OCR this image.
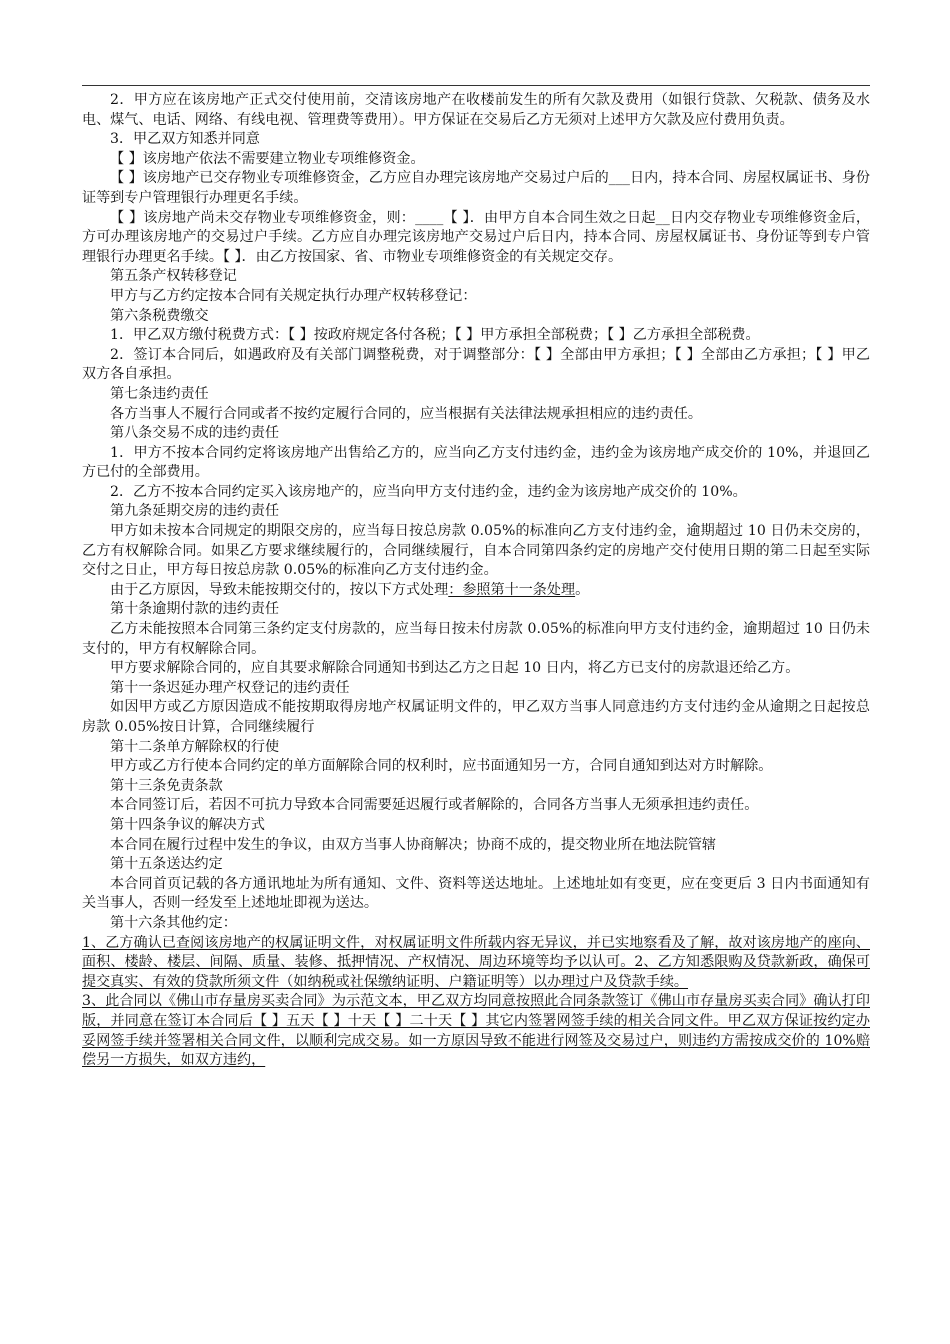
2．甲方应在该房地产正式交付使用前，交清该房地产在收楼前发生的所有欠款及费用（如银行贷款、欠税款、债务及水电、煤气、电话、网络、有线电视、管理费等费用）。甲方保证在交易后乙方无须对上述甲方欠款及应付费用负责。

3．甲乙双方知悉并同意

【 】该房地产依法不需要建立物业专项维修资金。

【 】该房地产已交存物业专项维修资金，乙方应自办理完该房地产交易过户后的___日内，持本合同、房屋权属证书、身份证等到专户管理银行办理更名手续。

【 】该房地产尚未交存物业专项维修资金，则：____【 】．由甲方自本合同生效之日起__日内交存物业专项维修资金后，方可办理该房地产的交易过户手续。乙方应自办理完该房地产交易过户后日内，持本合同、房屋权属证书、身份证等到专户管理银行办理更名手续。【 】．由乙方按国家、省、市物业专项维修资金的有关规定交存。

第五条产权转移登记

甲方与乙方约定按本合同有关规定执行办理产权转移登记：

第六条税费缴交

1．甲乙双方缴付税费方式：【 】按政府规定各付各税；【 】甲方承担全部税费；【 】乙方承担全部税费。

2．签订本合同后，如遇政府及有关部门调整税费，对于调整部分：【 】全部由甲方承担；【 】全部由乙方承担；【 】甲乙双方各自承担。

第七条违约责任

各方当事人不履行合同或者不按约定履行合同的，应当根据有关法律法规承担相应的违约责任。

第八条交易不成的违约责任

1．甲方不按本合同约定将该房地产出售给乙方的，应当向乙方支付违约金，违约金为该房地产成交价的 10%，并退回乙方已付的全部费用。

2．乙方不按本合同约定买入该房地产的，应当向甲方支付违约金，违约金为该房地产成交价的 10%。

第九条延期交房的违约责任

甲方如未按本合同规定的期限交房的，应当每日按总房款 0.05%的标准向乙方支付违约金，逾期超过 10 日仍未交房的，乙方有权解除合同。如果乙方要求继续履行的，合同继续履行，自本合同第四条约定的房地产交付使用日期的第二日起至实际交付之日止，甲方每日按总房款 0.05%的标准向乙方支付违约金。

由于乙方原因，导致未能按期交付的，按以下方式处理：参照第十一条处理。

第十条逾期付款的违约责任

乙方未能按照本合同第三条约定支付房款的，应当每日按未付房款 0.05%的标准向甲方支付违约金，逾期超过 10 日仍未支付的，甲方有权解除合同。

甲方要求解除合同的，应自其要求解除合同通知书到达乙方之日起 10 日内，将乙方已支付的房款退还给乙方。

第十一条迟延办理产权登记的违约责任

如因甲方或乙方原因造成不能按期取得房地产权属证明文件的，甲乙双方当事人同意违约方支付违约金从逾期之日起按总房款 0.05%按日计算，合同继续履行

第十二条单方解除权的行使

甲方或乙方行使本合同约定的单方面解除合同的权利时，应书面通知另一方，合同自通知到达对方时解除。

第十三条免责条款

本合同签订后，若因不可抗力导致本合同需要延迟履行或者解除的，合同各方当事人无须承担违约责任。

第十四条争议的解决方式

本合同在履行过程中发生的争议，由双方当事人协商解决；协商不成的，提交物业所在地法院管辖

第十五条送达约定

本合同首页记载的各方通讯地址为所有通知、文件、资料等送达地址。上述地址如有变更，应在变更后 3 日内书面通知有关当事人，否则一经发至上述地址即视为送达。

第十六条其他约定：

1、乙方确认已查阅该房地产的权属证明文件，对权属证明文件所载内容无异议，并已实地察看及了解，故对该房地产的座向、面积、楼龄、楼层、间隔、质量、装修、抵押情况、产权情况、周边环境等均予以认可。2、乙方知悉限购及贷款新政，确保可提交真实、有效的贷款所须文件（如纳税或社保缴纳证明、户籍证明等）以办理过户及贷款手续。

3、此合同以《佛山市存量房买卖合同》为示范文本，甲乙双方均同意按照此合同条款签订《佛山市存量房买卖合同》确认打印版，并同意在签订本合同后【 】五天【 】十天【 】二十天【 】其它内签署网签手续的相关合同文件。甲乙双方保证按约定办妥网签手续并签署相关合同文件，以顺利完成交易。如一方原因导致不能进行网签及交易过户，则违约方需按成交价的 10%赔偿另一方损失，如双方违约，
